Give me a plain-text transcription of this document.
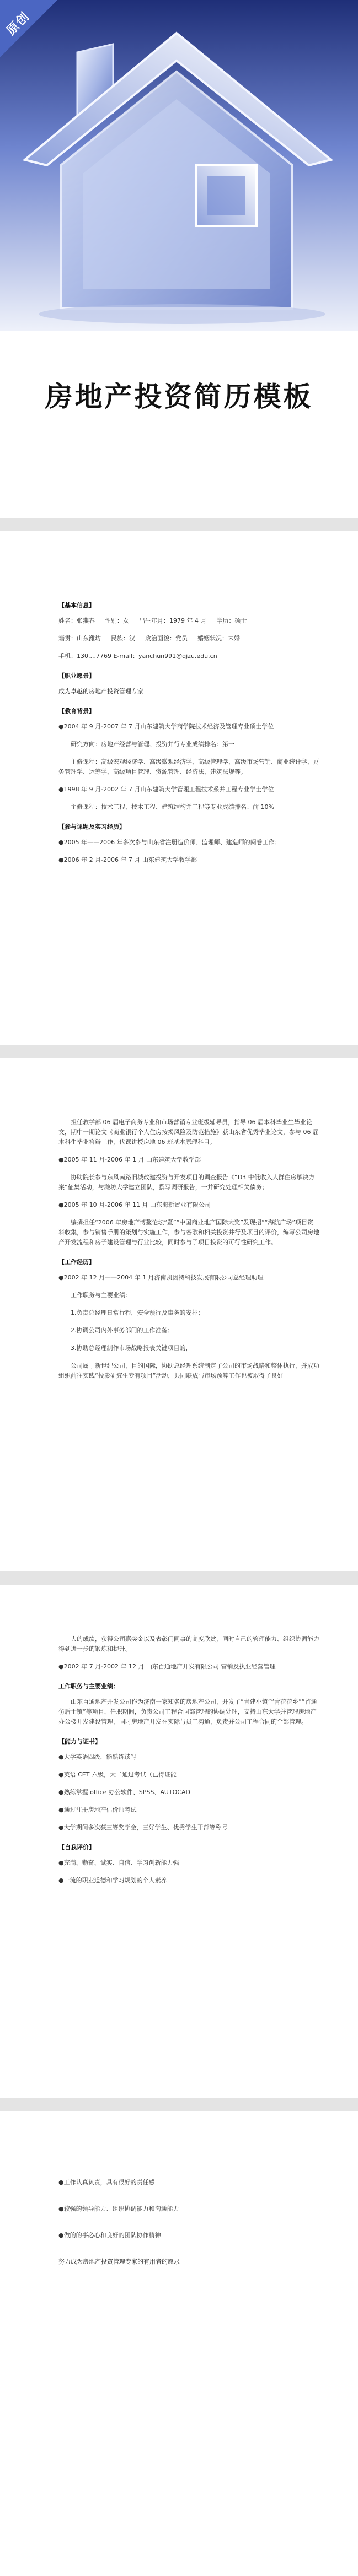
原创
房地产投资简历模板
【基本信息】
姓名：张燕春 性别：女 出生年月：1979 年 4 月 学历：硕士
籍贯：山东潍坊 民族：汉 政治面貌：党员 婚姻状况：未婚
手机：130....7769 E-mail：yanchun991@qjzu.edu.cn
【职业愿景】
成为卓越的房地产投资管理专家
【教育背景】
●2004 年 9 月-2007 年 7 月山东建筑大学商学院技术经济及管理专业硕士学位
研究方向：房地产经营与管理、投资并行专业成绩排名：第一
主修课程：高级宏观经济学、高级微观经济学、高级管理学、高级市场营销、商业统计学、财务管理学、运筹学、高级项目管理、资源管理、经济法、建筑法规等。
●1998 年 9 月-2002 年 7 月山东建筑大学管理工程技术系并工程专业学士学位
主修课程：技术工程、技术工程、建筑结构并工程等专业成绩排名：前 10%
【参与课题及实习经历】
●2005 年——2006 年多次参与山东省注册造价师、监理师、建造师的阅卷工作；
●2006 年 2 月-2006 年 7 月 山东建筑大学教学部
担任教学部 06 届电子商务专业和市场营销专业班级辅导员，指导 06 届本科毕业生毕业论文，期中一期论文《商业银行个人住房按揭风险及防范措施》获山东省优秀毕业论文，参与 06 届本科生毕业答辩工作，代课讲授房地 06 班基本原理科目。
●2005 年 11 月-2006 年 1 月 山东建筑大学教学部
协助院长参与东风南路旧城改建投资与开发项目的调查报告《“D3 中低收入人群住房解决方案”征集活动，与潍坊大学建立团队，撰写调研报告，一并研究处理相关债务；
●2005 年 10 月-2006 年 11 月 山东海新置业有限公司
编撰担任“2006 年房地产博鳌论坛“暨”“中国商业地产国际大奖”发现招”“海航广场”项目资料收集，参与销售手册的策划与实施工作，参与谷歌和相关投资并行及项目的评价，编写公司房地产开发流程和房子建设管理与行业比较，同时参与了项目投资的可行性研究工作。
【工作经历】
●2002 年 12 月——2004 年 1 月济南凯因特科技发展有限公司总经理助理
工作职务与主要业绩：
1.负责总经理日常行程，安全预行及事务的安排；
2.协调公司内外事务部门的工作准备；
3.协助总经理制作市场战略报表关键项目的，
公司属于新世纪公司，目的国际，协助总经理系统制定了公司的市场战略和整体执行，并成功组织前往实践“投影研究生专有项目”活动，共同联成与市场预算工作也被取得了良好
大的成绩，获得公司嘉奖金以及表彰门同事的高度欣赏，同时自己的管理能力、组织协调能力得到进一步的锻炼和提升。
●2002 年 7 月-2002 年 12 月 山东百通地产开发有限公司 营销及执业经营管理
工作职务与主要业绩：
山东百通地产开发公司作为济南一家知名的房地产公司，开发了“青建小镇”“青花花乡”“首通仿后士镇”等项目，任职期间，负责公司工程合同部管理的协调处理，支持山东大学并管理房地产办公楼开发建设管理，同时房地产开发在实际与员工沟通，负责并公司工程合同的全部管理。
【能力与证书】
●大学英语四级，能熟练读写
●英语 CET 六级，大二通过考试（已得证能
●熟练掌握 office 办公软件、SPSS、AUTOCAD
●通过注册房地产估价师考试
●大学期间多次获三等奖学金，三好学生、优秀学生干部等称号
【自我评价】
●充满、勤奋、诚实、自信、学习创新能力强
●一流的职业道德和学习规划的个人素养
●工作认真负责，具有很好的责任感
●较强的领导能力、组织协调能力和沟通能力
●做的的事必心和良好的团队协作精神
努力成为房地产投资管理专家的有用者的愿求
